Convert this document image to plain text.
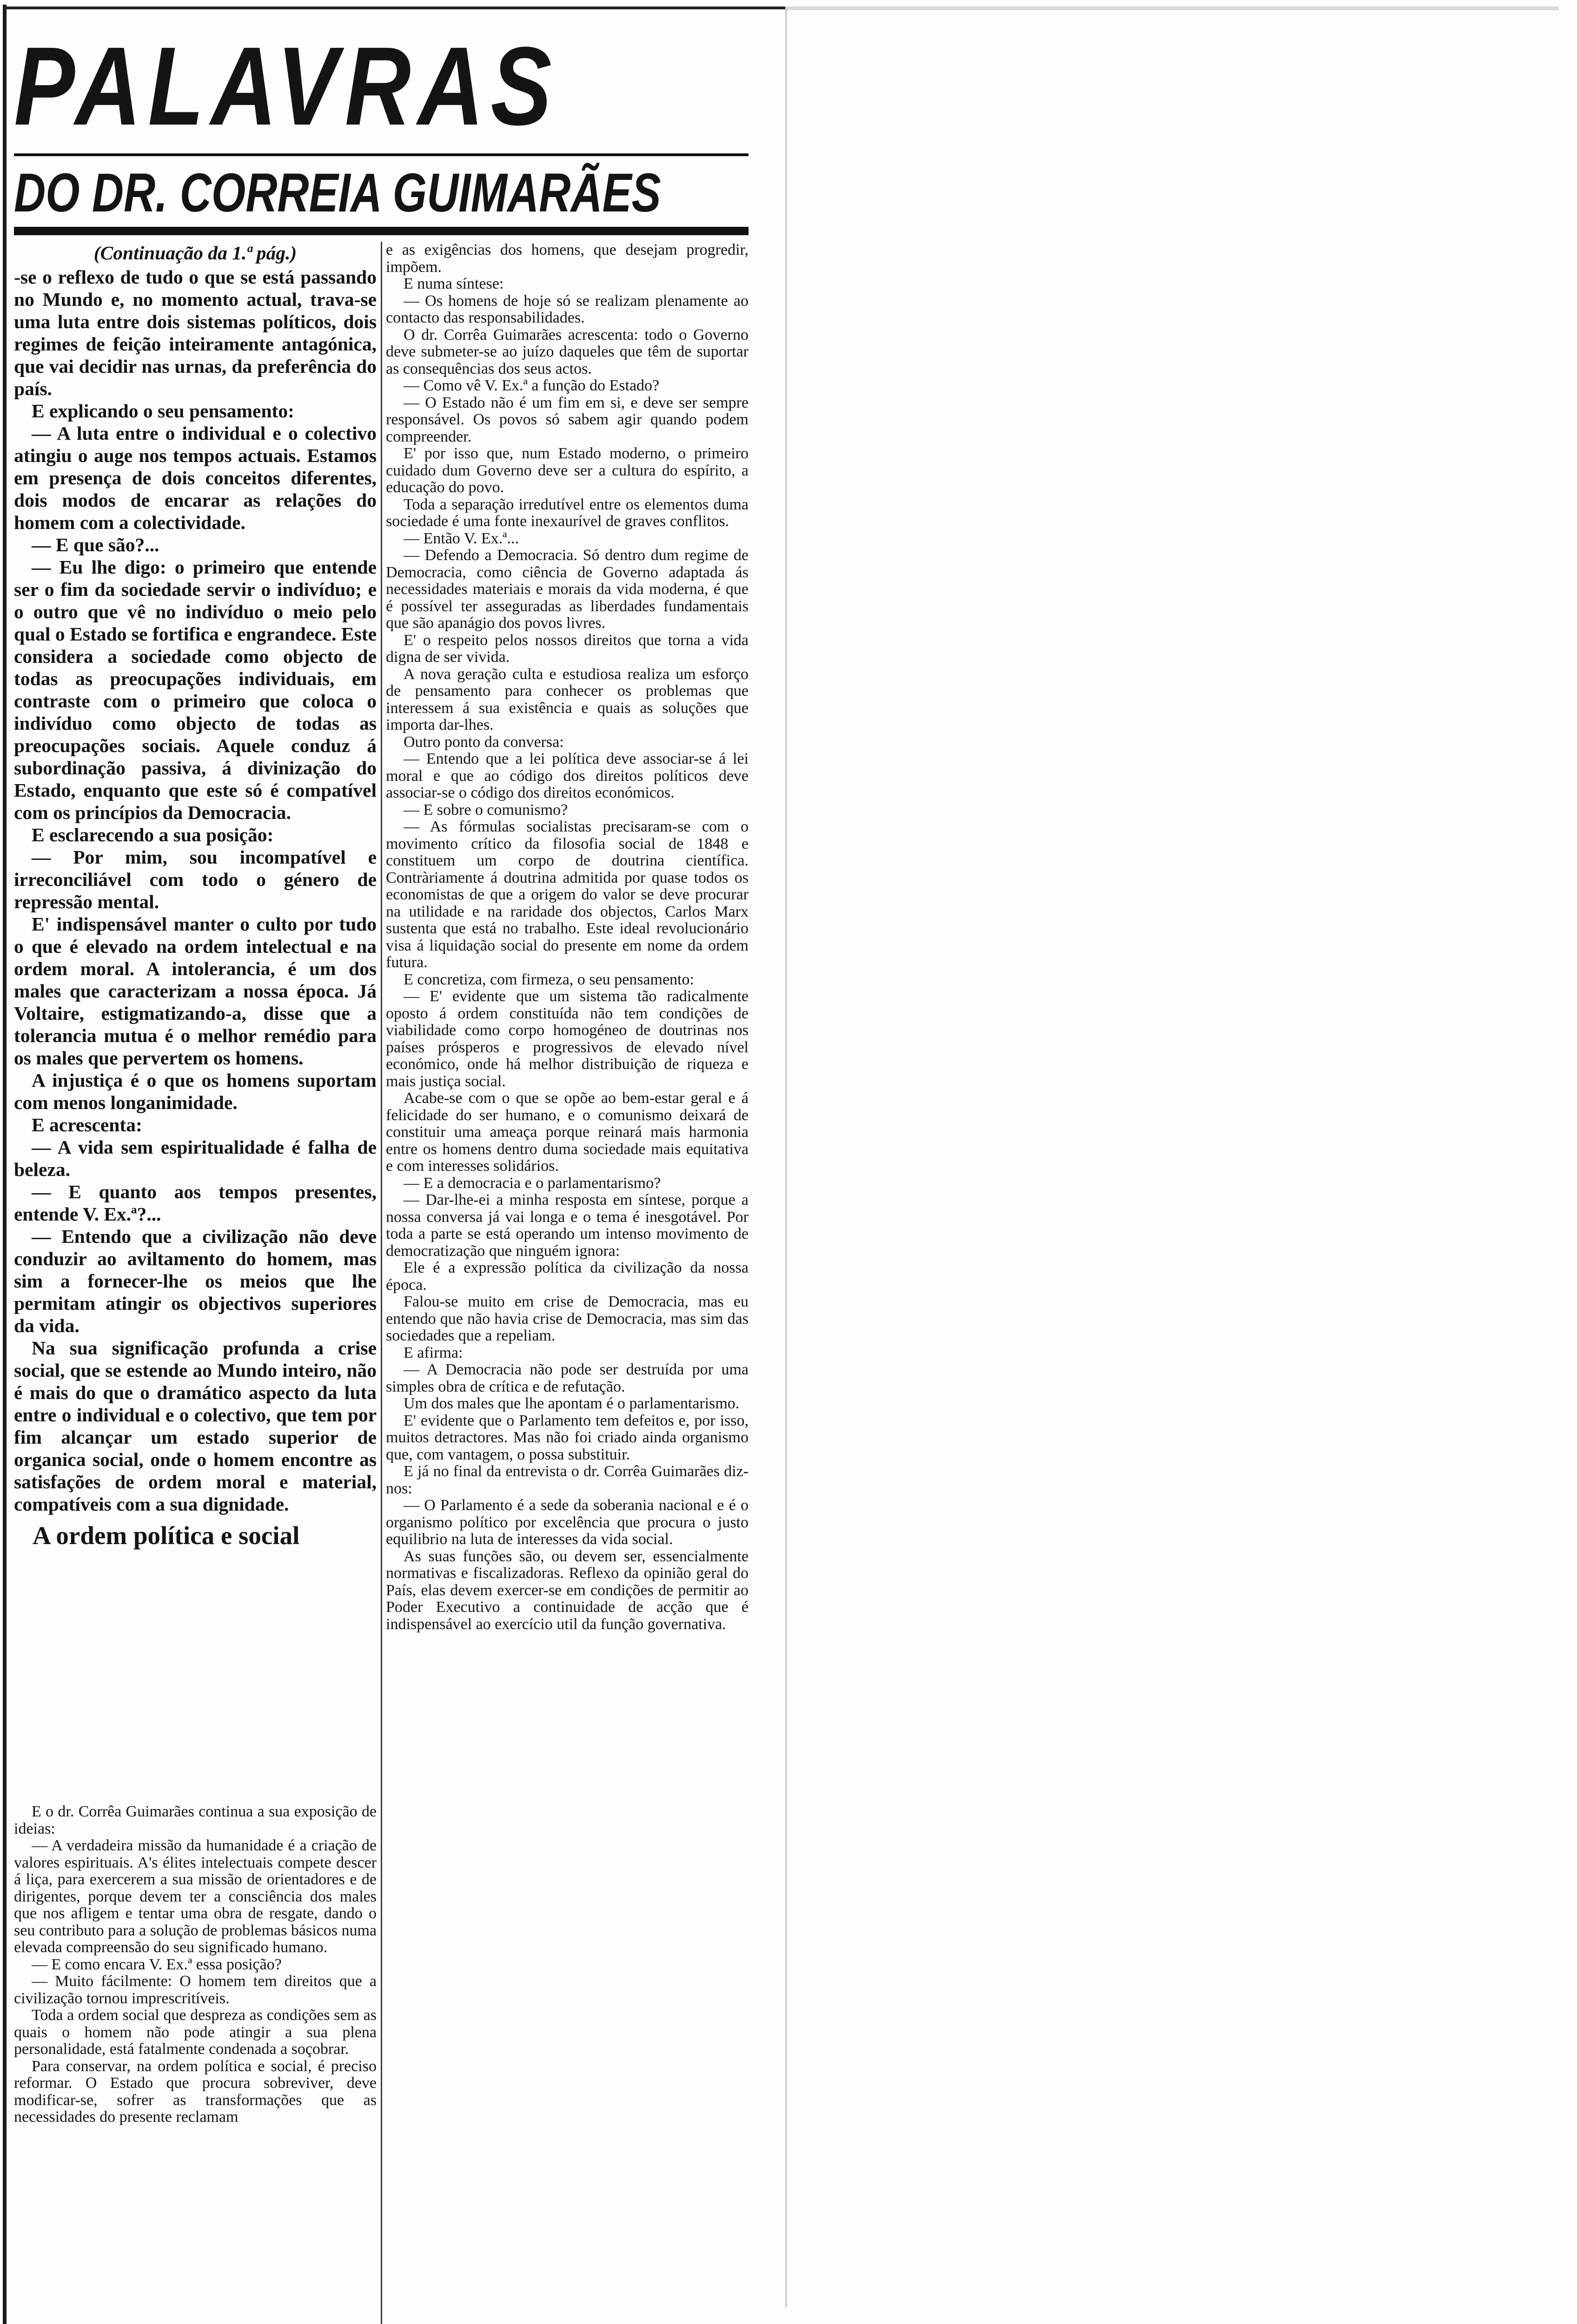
PALAVRAS
DO DR. CORREIA GUIMARÃES

(Continuação da 1.ª pág.)

-se o reflexo de tudo o que se está passando no Mundo e, no momento actual, trava-se uma luta entre dois sistemas políticos, dois regimes de feição inteiramente antagónica, que vai decidir nas urnas, da preferência do país.

E explicando o seu pensamento:

— A luta entre o individual e o colectivo atingiu o auge nos tempos actuais. Estamos em presença de dois conceitos diferentes, dois modos de encarar as relações do homem com a colectividade.

— E que são?...

— Eu lhe digo: o primeiro que entende ser o fim da sociedade servir o indivíduo; e o outro que vê no indivíduo o meio pelo qual o Estado se fortifica e engrandece. Este considera a sociedade como objecto de todas as preocupações individuais, em contraste com o primeiro que coloca o indivíduo como objecto de todas as preocupações sociais. Aquele conduz á subordinação passiva, á divinização do Estado, enquanto que este só é compatível com os princípios da Democracia.

E esclarecendo a sua posição:

— Por mim, sou incompatível e irreconciliável com todo o género de repressão mental.

E' indispensável manter o culto por tudo o que é elevado na ordem intelectual e na ordem moral. A intolerancia, é um dos males que caracterizam a nossa época. Já Voltaire, estigmatizando-a, disse que a tolerancia mutua é o melhor remédio para os males que pervertem os homens.

A injustiça é o que os homens suportam com menos longanimidade.

E acrescenta:

— A vida sem espiritualidade é falha de beleza.

— E quanto aos tempos presentes, entende V. Ex.ª?...

— Entendo que a civilização não deve conduzir ao aviltamento do homem, mas sim a fornecer-lhe os meios que lhe permitam atingir os objectivos superiores da vida.

Na sua significação profunda a crise social, que se estende ao Mundo inteiro, não é mais do que o dramático aspecto da luta entre o individual e o colectivo, que tem por fim alcançar um estado superior de organica social, onde o homem encontre as satisfações de ordem moral e material, compatíveis com a sua dignidade.

A ordem política e social

E o dr. Corrêa Guimarães continua a sua exposição de ideias:

— A verdadeira missão da humanidade é a criação de valores espirituais. A's élites intelectuais compete descer á liça, para exercerem a sua missão de orientadores e de dirigentes, porque devem ter a consciência dos males que nos afligem e tentar uma obra de resgate, dando o seu contributo para a solução de problemas básicos numa elevada compreensão do seu significado humano.

— E como encara V. Ex.ª essa posição?

— Muito fácilmente: O homem tem direitos que a civilização tornou imprescritíveis.

Toda a ordem social que despreza as condições sem as quais o homem não pode atingir a sua plena personalidade, está fatalmente condenada a soçobrar.

Para conservar, na ordem política e social, é preciso reformar. O Estado que procura sobreviver, deve modificar-se, sofrer as transformações que as necessidades do presente reclamam

e as exigências dos homens, que desejam progredir, impõem.

E numa síntese:

— Os homens de hoje só se realizam plenamente ao contacto das responsabilidades.

O dr. Corrêa Guimarães acrescenta: todo o Governo deve submeter-se ao juízo daqueles que têm de suportar as consequências dos seus actos.

— Como vê V. Ex.ª a função do Estado?

— O Estado não é um fim em si, e deve ser sempre responsável. Os povos só sabem agir quando podem compreender.

E' por isso que, num Estado moderno, o primeiro cuidado dum Governo deve ser a cultura do espírito, a educação do povo.

Toda a separação irredutível entre os elementos duma sociedade é uma fonte inexaurível de graves conflitos.

— Então V. Ex.ª...

— Defendo a Democracia. Só dentro dum regime de Democracia, como ciência de Governo adaptada ás necessidades materiais e morais da vida moderna, é que é possível ter asseguradas as liberdades fundamentais que são apanágio dos povos livres.

E' o respeito pelos nossos direitos que torna a vida digna de ser vivida.

A nova geração culta e estudiosa realiza um esforço de pensamento para conhecer os problemas que interessem á sua existência e quais as soluções que importa dar-lhes.

Outro ponto da conversa:

— Entendo que a lei política deve associar-se á lei moral e que ao código dos direitos políticos deve associar-se o código dos direitos económicos.

— E sobre o comunismo?

— As fórmulas socialistas precisaram-se com o movimento crítico da filosofia social de 1848 e constituem um corpo de doutrina científica. Contràriamente á doutrina admitida por quase todos os economistas de que a origem do valor se deve procurar na utilidade e na raridade dos objectos, Carlos Marx sustenta que está no trabalho. Este ideal revolucionário visa á liquidação social do presente em nome da ordem futura.

E concretiza, com firmeza, o seu pensamento:

— E' evidente que um sistema tão radicalmente oposto á ordem constituída não tem condições de viabilidade como corpo homogéneo de doutrinas nos países prósperos e progressivos de elevado nível económico, onde há melhor distribuição de riqueza e mais justiça social.

Acabe-se com o que se opõe ao bem-estar geral e á felicidade do ser humano, e o comunismo deixará de constituir uma ameaça porque reinará mais harmonia entre os homens dentro duma sociedade mais equitativa e com interesses solidários.

— E a democracia e o parlamentarismo?

— Dar-lhe-ei a minha resposta em síntese, porque a nossa conversa já vai longa e o tema é inesgotável. Por toda a parte se está operando um intenso movimento de democratização que ninguém ignora:

Ele é a expressão política da civilização da nossa época.

Falou-se muito em crise de Democracia, mas eu entendo que não havia crise de Democracia, mas sim das sociedades que a repeliam.

E afirma:

— A Democracia não pode ser destruída por uma simples obra de crítica e de refutação.

Um dos males que lhe apontam é o parlamentarismo.

E' evidente que o Parlamento tem defeitos e, por isso, muitos detractores. Mas não foi criado ainda organismo que, com vantagem, o possa substituir.

E já no final da entrevista o dr. Corrêa Guimarães diz-nos:

— O Parlamento é a sede da soberania nacional e é o organismo político por excelência que procura o justo equilibrio na luta de interesses da vida social.

As suas funções são, ou devem ser, essencialmente normativas e fiscalizadoras. Reflexo da opinião geral do País, elas devem exercer-se em condições de permitir ao Poder Executivo a continuidade de acção que é indispensável ao exercício util da função governativa.
